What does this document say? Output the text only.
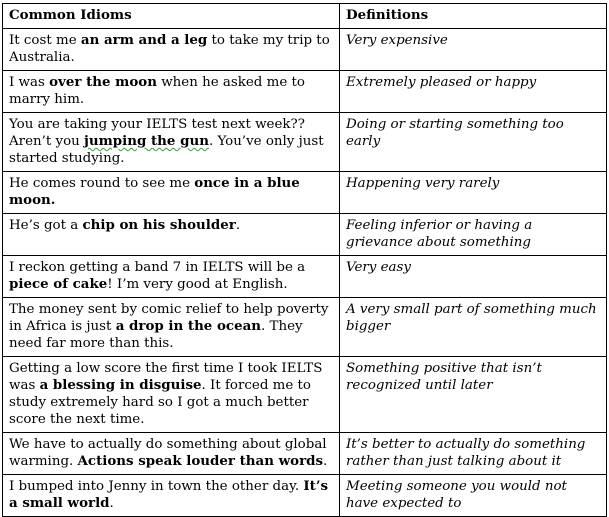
Common Idioms	Definitions
It cost me an arm and a leg to take my trip to Australia.	Very expensive
I was over the moon when he asked me to marry him.	Extremely pleased or happy
You are taking your IELTS test next week?? Aren’t you jumping the gun. You’ve only just started studying.	Doing or starting something too early
He comes round to see me once in a blue moon.	Happening very rarely
He’s got a chip on his shoulder.	Feeling inferior or having a grievance about something
I reckon getting a band 7 in IELTS will be a piece of cake! I’m very good at English.	Very easy
The money sent by comic relief to help poverty in Africa is just a drop in the ocean. They need far more than this.	A very small part of something much bigger
Getting a low score the first time I took IELTS was a blessing in disguise. It forced me to study extremely hard so I got a much better score the next time.	Something positive that isn’t recognized until later
We have to actually do something about global warming. Actions speak louder than words.	It’s better to actually do something rather than just talking about it
I bumped into Jenny in town the other day. It’s a small world.	Meeting someone you would not have expected to
